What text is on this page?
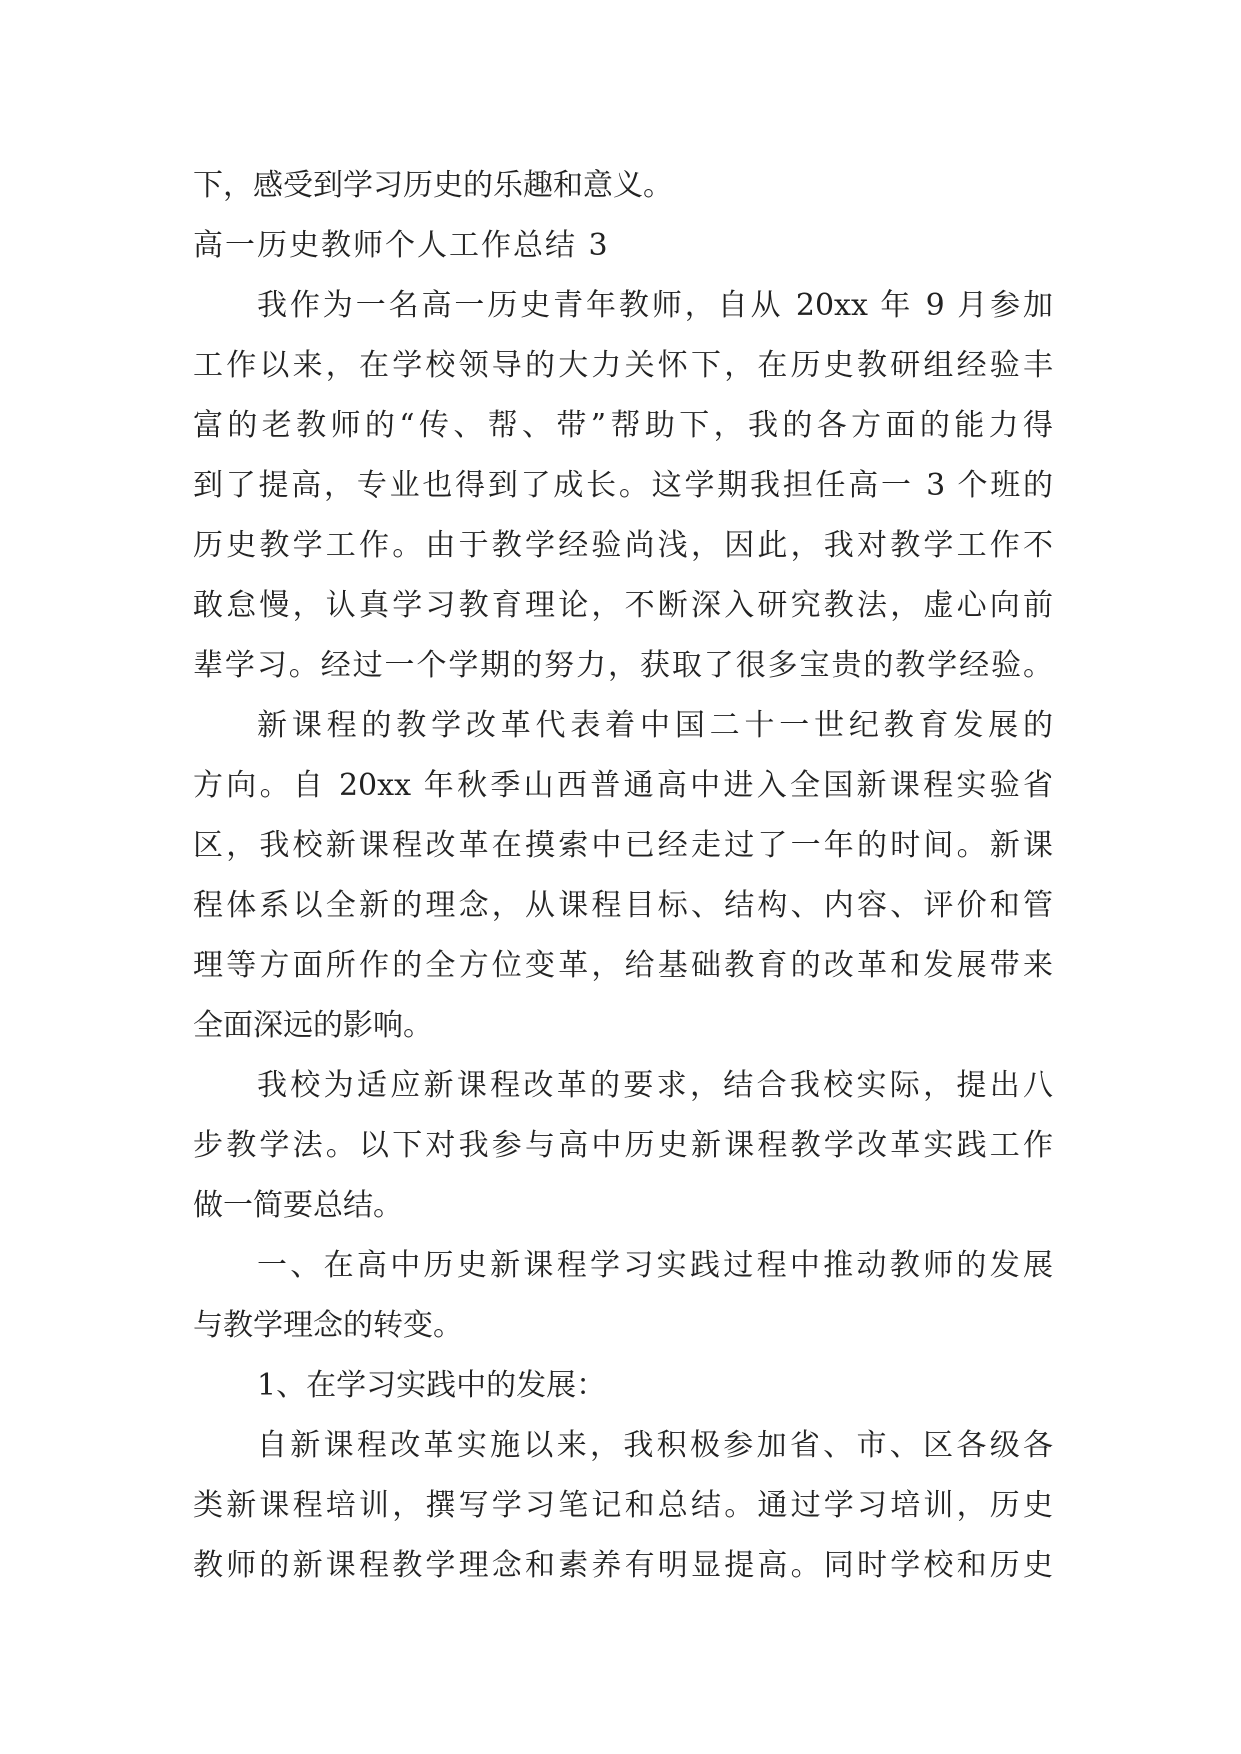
下，感受到学习历史的乐趣和意义。
高一历史教师个人工作总结 3
我作为一名高一历史青年教师，自从 20xx 年 9 月参加
工作以来，在学校领导的大力关怀下，在历史教研组经验丰
富的老教师的“传、帮、带”帮助下，我的各方面的能力得
到了提高，专业也得到了成长。这学期我担任高一 3 个班的
历史教学工作。由于教学经验尚浅，因此，我对教学工作不
敢怠慢，认真学习教育理论，不断深入研究教法，虚心向前
辈学习。经过一个学期的努力，获取了很多宝贵的教学经验。
新课程的教学改革代表着中国二十一世纪教育发展的
方向。自 20xx 年秋季山西普通高中进入全国新课程实验省
区，我校新课程改革在摸索中已经走过了一年的时间。新课
程体系以全新的理念，从课程目标、结构、内容、评价和管
理等方面所作的全方位变革，给基础教育的改革和发展带来
全面深远的影响。
我校为适应新课程改革的要求，结合我校实际，提出八
步教学法。以下对我参与高中历史新课程教学改革实践工作
做一简要总结。
一、在高中历史新课程学习实践过程中推动教师的发展
与教学理念的转变。
1、在学习实践中的发展：
自新课程改革实施以来，我积极参加省、市、区各级各
类新课程培训，撰写学习笔记和总结。通过学习培训，历史
教师的新课程教学理念和素养有明显提高。同时学校和历史
